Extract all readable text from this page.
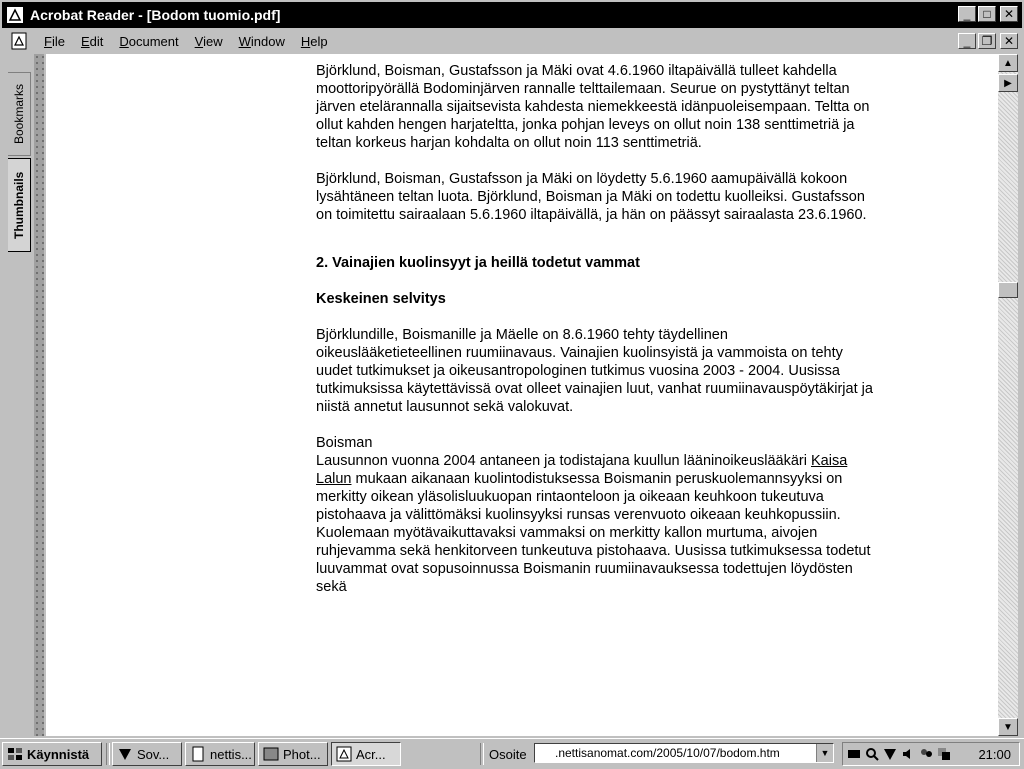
Acrobat Reader - [Bodom tuomio.pdf]	_	□	✕
File	Edit	Document	View	Window	Help	_ ❐ ✕
Bookmarks
Thumbnails

Björklund, Boisman, Gustafsson ja Mäki ovat 4.6.1960 iltapäivällä tulleet kahdella moottoripyörällä Bodominjärven rannalle telttailemaan. Seurue on pystyttänyt teltan järven etelärannalla sijaitsevista kahdesta niemekkeestä idänpuoleisempaan. Teltta on ollut kahden hengen harjateltta, jonka pohjan leveys on ollut noin 138 senttimetriä ja teltan korkeus harjan kohdalta on ollut noin 113 senttimetriä.

Björklund, Boisman, Gustafsson ja Mäki on löydetty 5.6.1960 aamupäivällä kokoon lysähtäneen teltan luota. Björklund, Boisman ja Mäki on todettu kuolleiksi. Gustafsson on toimitettu sairaalaan 5.6.1960 iltapäivällä, ja hän on päässyt sairaalasta 23.6.1960.

2. Vainajien kuolinsyyt ja heillä todetut vammat
Keskeinen selvitys

Björklundille, Boismanille ja Mäelle on 8.6.1960 tehty täydellinen oikeuslääketieteellinen ruumiinavaus. Vainajien kuolinsyistä ja vammoista on tehty uudet tutkimukset ja oikeusantropologinen tutkimus vuosina 2003 - 2004. Uusissa tutkimuksissa käytettävissä ovat olleet vainajien luut, vanhat ruumiinavauspöytäkirjat ja niistä annetut lausunnot sekä valokuvat.

Boisman

Lausunnon vuonna 2004 antaneen ja todistajana kuullun lääninoikeuslääkäri Kaisa Lalun mukaan aikanaan kuolintodistuksessa Boismanin peruskuolemannsyyksi on merkitty oikean yläsolisluukuopan rintaonteloon ja oikeaan keuhkoon tukeutuva pistohaava ja välittömäksi kuolinsyyksi runsas verenvuoto oikeaan keuhkopussiin. Kuolemaan myötävaikuttavaksi vammaksi on merkitty kallon murtuma, aivojen ruhjevamma sekä henkitorveen tunkeutuva pistohaava. Uusissa tutkimuksessa todetut luuvammat ovat sopusoinnussa Boismanin ruumiinavauksessa todettujen löydösten sekä

▲
▶
▼
Käynnistä	Sov...	nettis... Phot...	Acr...	Osoite .nettisanomat.com/2005/10/07/bodom.htm	▼	21:00
